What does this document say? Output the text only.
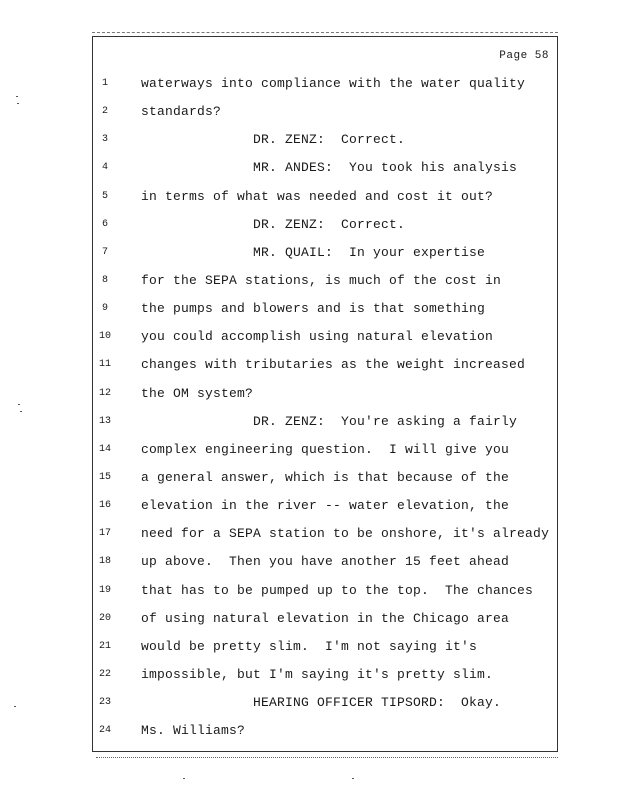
Page 58
1	waterways into compliance with the water quality
2	standards?
3	DR. ZENZ:  Correct.
4	MR. ANDES:  You took his analysis
5	in terms of what was needed and cost it out?
6	DR. ZENZ:  Correct.
7	MR. QUAIL:  In your expertise
8	for the SEPA stations, is much of the cost in
9	the pumps and blowers and is that something
10	you could accomplish using natural elevation
11	changes with tributaries as the weight increased
12	the OM system?
13	DR. ZENZ:  You're asking a fairly
14	complex engineering question.  I will give you
15	a general answer, which is that because of the
16	elevation in the river -- water elevation, the
17	need for a SEPA station to be onshore, it's already
18	up above.  Then you have another 15 feet ahead
19	that has to be pumped up to the top.  The chances
20	of using natural elevation in the Chicago area
21	would be pretty slim.  I'm not saying it's
22	impossible, but I'm saying it's pretty slim.
23	HEARING OFFICER TIPSORD:  Okay.
24	Ms. Williams?
